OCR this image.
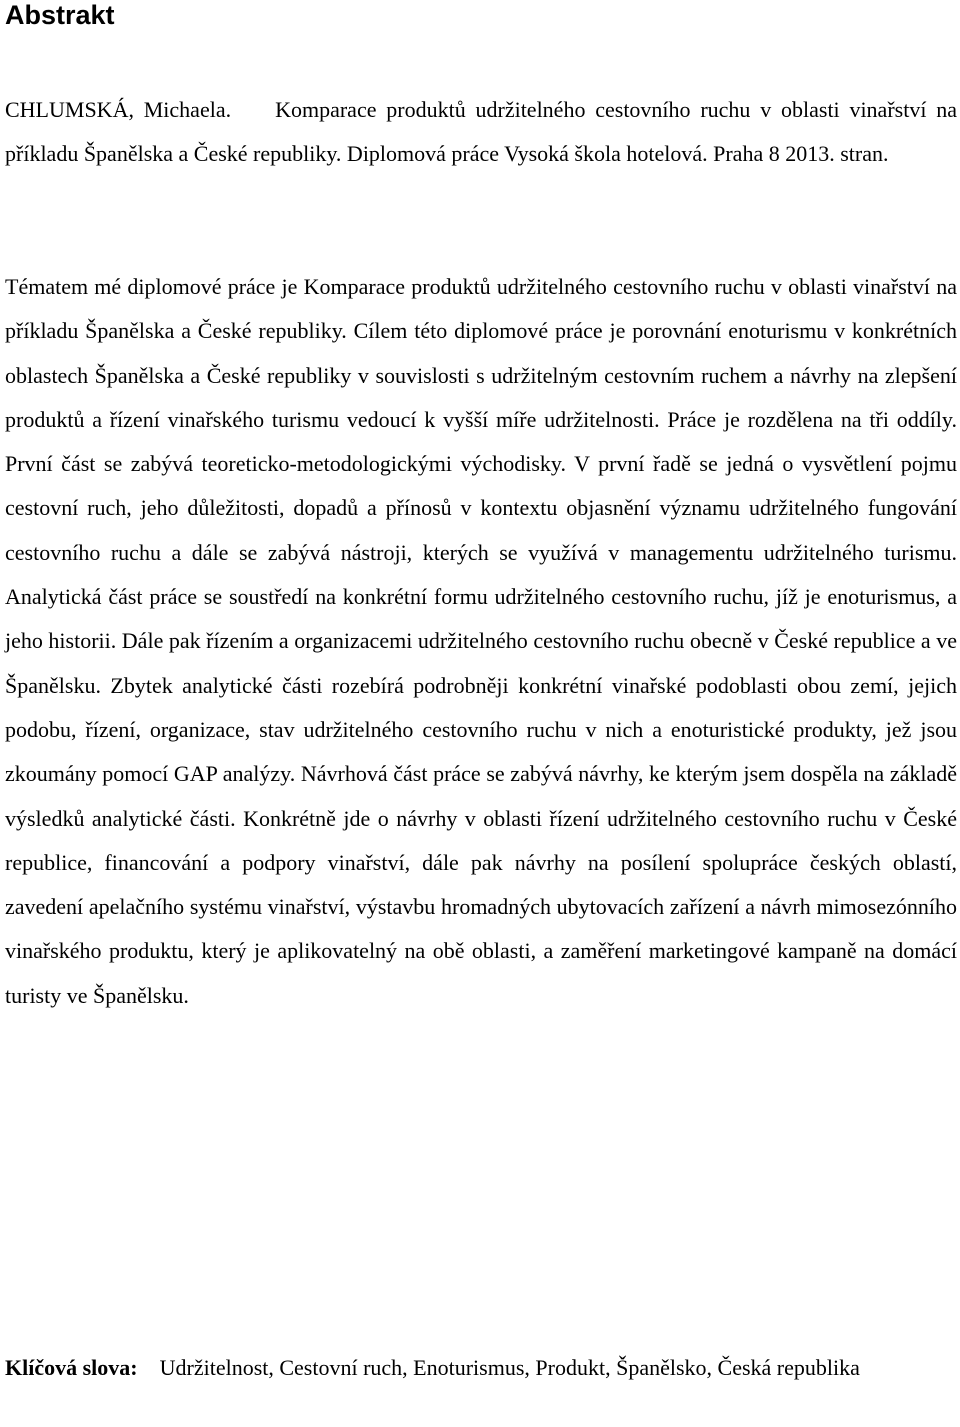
Abstrakt

CHLUMSKÁ, Michaela. Komparace produktů udržitelného cestovního ruchu v oblasti vinařství na příkladu Španělska a České republiky. Diplomová práce Vysoká škola hotelová. Praha 8 2013. stran.

Tématem mé diplomové práce je Komparace produktů udržitelného cestovního ruchu v oblasti vinařství na příkladu Španělska a České republiky. Cílem této diplomové práce je porovnání enoturismu v konkrétních oblastech Španělska a České republiky v souvislosti s udržitelným cestovním ruchem a návrhy na zlepšení produktů a řízení vinařského turismu vedoucí k vyšší míře udržitelnosti. Práce je rozdělena na tři oddíly. První část se zabývá teoreticko-metodologickými východisky. V první řadě se jedná o vysvětlení pojmu cestovní ruch, jeho důležitosti, dopadů a přínosů v kontextu objasnění významu udržitelného fungování cestovního ruchu a dále se zabývá nástroji, kterých se využívá v managementu udržitelného turismu. Analytická část práce se soustředí na konkrétní formu udržitelného cestovního ruchu, jíž je enoturismus, a jeho historii. Dále pak řízením a organizacemi udržitelného cestovního ruchu obecně v České republice a ve Španělsku. Zbytek analytické části rozebírá podrobněji konkrétní vinařské podoblasti obou zemí, jejich podobu, řízení, organizace, stav udržitelného cestovního ruchu v nich a enoturistické produkty, jež jsou zkoumány pomocí GAP analýzy. Návrhová část práce se zabývá návrhy, ke kterým jsem dospěla na základě výsledků analytické části. Konkrétně jde o návrhy v oblasti řízení udržitelného cestovního ruchu v České republice, financování a podpory vinařství, dále pak návrhy na posílení spolupráce českých oblastí, zavedení apelačního systému vinařství, výstavbu hromadných ubytovacích zařízení a návrh mimosezónního vinařského produktu, který je aplikovatelný na obě oblasti, a zaměření marketingové kampaně na domácí turisty ve Španělsku.

Klíčová slova: Udržitelnost, Cestovní ruch, Enoturismus, Produkt, Španělsko, Česká republika
